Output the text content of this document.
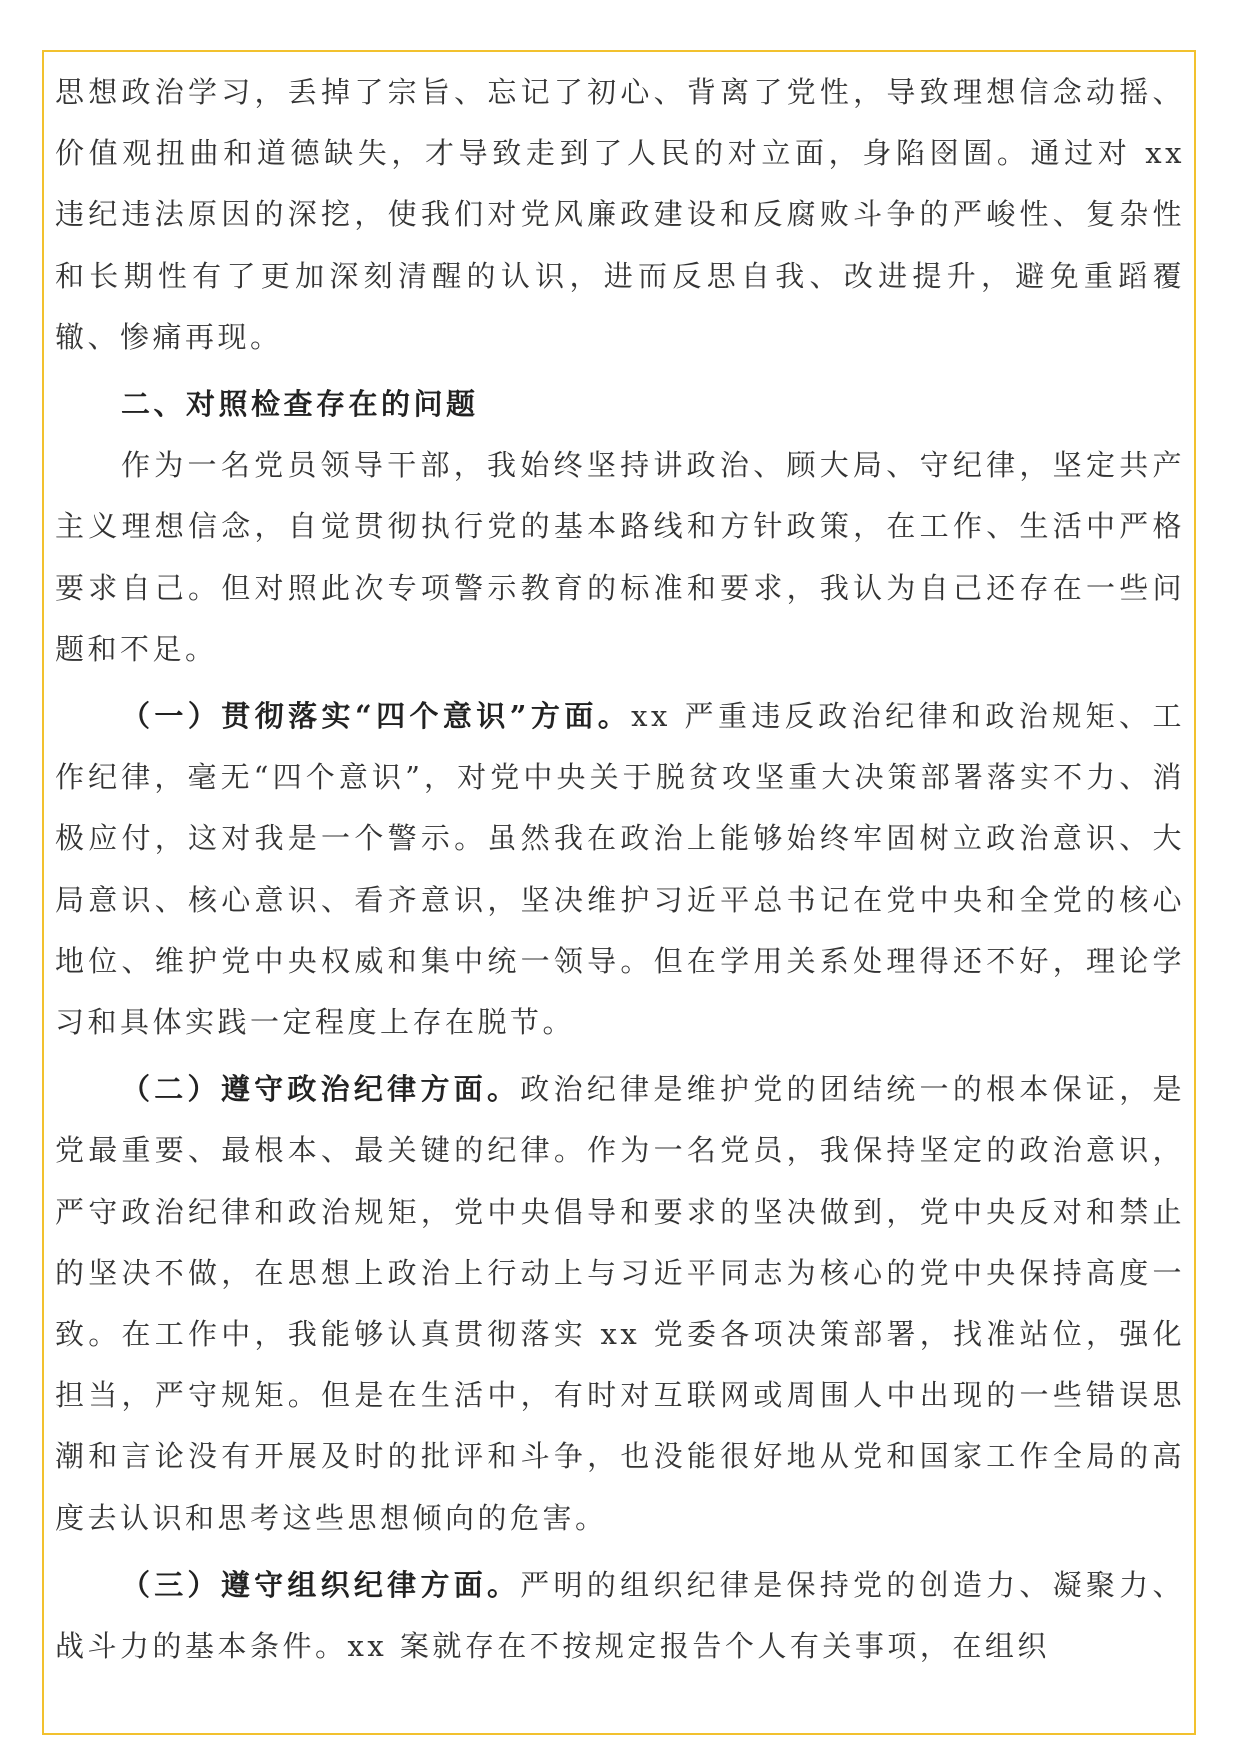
思想政治学习，丢掉了宗旨、忘记了初心、背离了党性，导致理想信念动摇、价值观扭曲和道德缺失，才导致走到了人民的对立面，身陷囹圄。通过对 xx 违纪违法原因的深挖，使我们对党风廉政建设和反腐败斗争的严峻性、复杂性和长期性有了更加深刻清醒的认识，进而反思自我、改进提升，避免重蹈覆辙、惨痛再现。

二、对照检查存在的问题

作为一名党员领导干部，我始终坚持讲政治、顾大局、守纪律，坚定共产主义理想信念，自觉贯彻执行党的基本路线和方针政策，在工作、生活中严格要求自己。但对照此次专项警示教育的标准和要求，我认为自己还存在一些问题和不足。

（一）贯彻落实“四个意识”方面。xx 严重违反政治纪律和政治规矩、工作纪律，毫无“四个意识”，对党中央关于脱贫攻坚重大决策部署落实不力、消极应付，这对我是一个警示。虽然我在政治上能够始终牢固树立政治意识、大局意识、核心意识、看齐意识，坚决维护习近平总书记在党中央和全党的核心地位、维护党中央权威和集中统一领导。但在学用关系处理得还不好，理论学习和具体实践一定程度上存在脱节。

（二）遵守政治纪律方面。政治纪律是维护党的团结统一的根本保证，是党最重要、最根本、最关键的纪律。作为一名党员，我保持坚定的政治意识，严守政治纪律和政治规矩，党中央倡导和要求的坚决做到，党中央反对和禁止的坚决不做，在思想上政治上行动上与习近平同志为核心的党中央保持高度一致。在工作中，我能够认真贯彻落实 xx 党委各项决策部署，找准站位，强化担当，严守规矩。但是在生活中，有时对互联网或周围人中出现的一些错误思潮和言论没有开展及时的批评和斗争，也没能很好地从党和国家工作全局的高度去认识和思考这些思想倾向的危害。

（三）遵守组织纪律方面。严明的组织纪律是保持党的创造力、凝聚力、战斗力的基本条件。xx 案就存在不按规定报告个人有关事项，在组织
